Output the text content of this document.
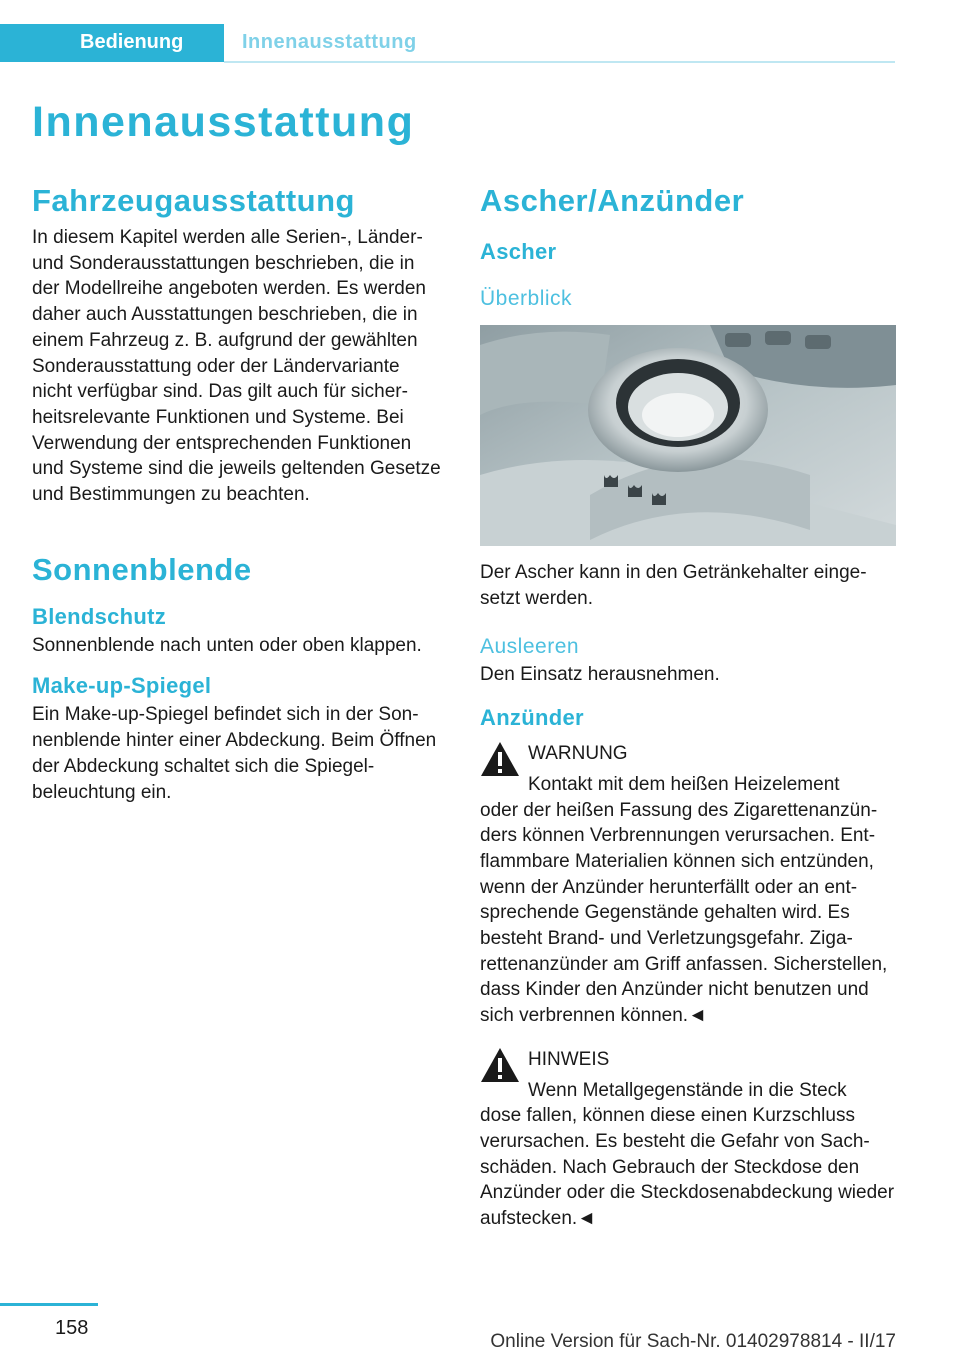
Bedienung	Innenausstattung
Innenausstattung
Fahrzeugausstattung

In diesem Kapitel werden alle Serien-, Länder- und Sonderausstattungen beschrieben, die in der Modellreihe angeboten werden. Es werden daher auch Ausstattungen beschrieben, die in einem Fahrzeug z. B. aufgrund der gewählten Sonderausstattung oder der Ländervariante nicht verfügbar sind. Das gilt auch für sicherheitsrelevante Funktionen und Systeme. Bei Verwendung der entsprechenden Funktionen und Systeme sind die jeweils geltenden Gesetze und Bestimmungen zu beachten.

Sonnenblende
Blendschutz

Sonnenblende nach unten oder oben klappen.

Make-up-Spiegel

Ein Make-up-Spiegel befindet sich in der Sonnenblende hinter einer Abdeckung. Beim Öffnen der Abdeckung schaltet sich die Spiegelbeleuchtung ein.

Ascher/Anzünder
Ascher
Überblick

Der Ascher kann in den Getränkehalter eingesetzt werden.

Ausleeren

Den Einsatz herausnehmen.

Anzünder
WARNUNG
Kontakt mit dem heißen Heizelement
oder der heißen Fassung des Zigarettenanzünders können Verbrennungen verursachen. Entflammbare Materialien können sich entzünden, wenn der Anzünder herunterfällt oder an entsprechende Gegenstände gehalten wird. Es besteht Brand- und Verletzungsgefahr. Zigarettenanzünder am Griff anfassen. Sicherstellen, dass Kinder den Anzünder nicht benutzen und sich verbrennen können.◄
HINWEIS
Wenn Metallgegenstände in die Steck
dose fallen, können diese einen Kurzschluss verursachen. Es besteht die Gefahr von Sachschäden. Nach Gebrauch der Steckdose den Anzünder oder die Steckdosenabdeckung wieder aufstecken.◄
158
Online Version für Sach-Nr. 01402978814 - II/17
